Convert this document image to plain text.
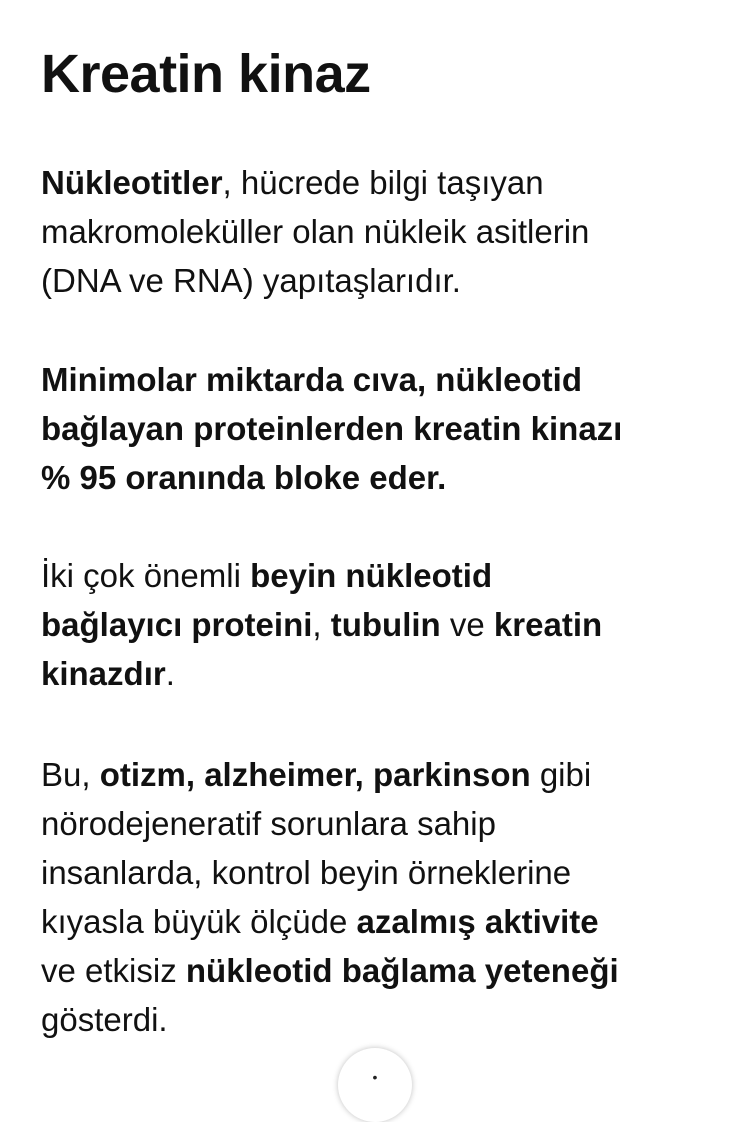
Kreatin kinaz

Nükleotitler, hücrede bilgi taşıyan
makromoleküller olan nükleik asitlerin
(DNA ve RNA) yapıtaşlarıdır.

Minimolar miktarda cıva, nükleotid
bağlayan proteinlerden kreatin kinazı
% 95 oranında bloke eder.

İki çok önemli beyin nükleotid
bağlayıcı proteini, tubulin ve kreatin
kinazdır.

Bu, otizm, alzheimer, parkinson gibi
nörodejeneratif sorunlara sahip
insanlarda, kontrol beyin örneklerine
kıyasla büyük ölçüde azalmış aktivite
ve etkisiz nükleotid bağlama yeteneği
gösterdi.

•
